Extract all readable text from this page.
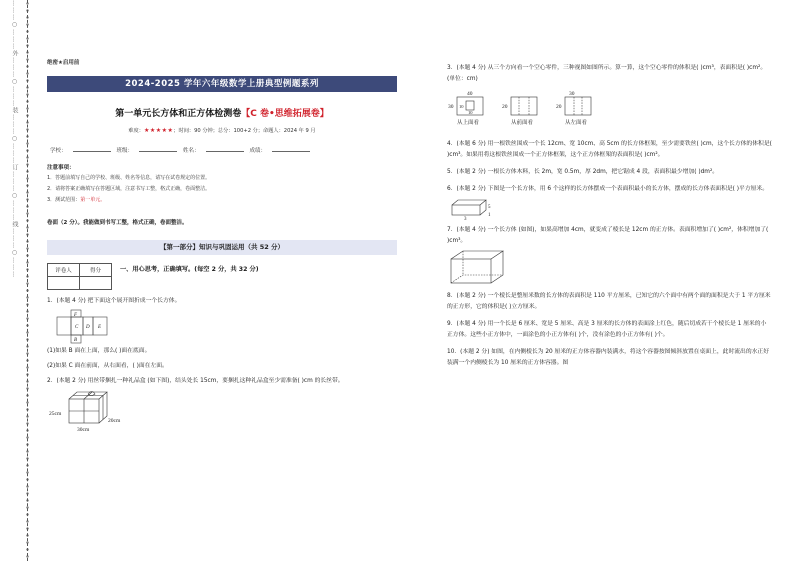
………○………外………○………装………○………订………○………线………○………	绝密★启用前
2024-2025 学年六年级数学上册典型例题系列
第一单元长方体和正方体检测卷【C 卷•思维拓展卷】
难度：★★★★★；时间：90 分钟；总分：100+2 分；命题人：2024 年 9 月
学校：	班级：	姓名：	成绩：
注意事项：
1．答题前填写自己的学校、班级、姓名等信息，请写在试卷规定的位置。
2．请将答案正确填写在答题区域，注意书写工整，格式正确，卷面整洁。
3．测试范围：第一单元。
卷面（2 分）。我能做到书写工整，格式正确，卷面整洁。
【第一部分】知识与巩固运用（共 52 分）
评卷人	得分
		一、用心思考，正确填写。(每空 2 分，共 32 分)
1．(本题 4 分) 把下面这个展开图折成一个长方体。
F
C D E
B
(1)如果 B 面在上面，那么( )面在底面。
(2)如果 C 面在前面，从右面看，( )面在左面。
2．(本题 2 分) 用丝带捆扎一种礼品盒 (如下图)，结头处长 15cm，要捆扎这种礼品盒至少需准备( )cm 的长丝带。
25cm
20cm
30cm
3．(本题 4 分) 从三个方向看一个空心零件，三种视图如图所示。算一算，这个空心零件的体积是( )cm³，表面积是( )cm²。(单位：cm)
40
30 10
10
20
30
20
从上面看	从前面看	从左面看
4．(本题 6 分) 用一根铁丝围成一个长 12cm、宽 10cm、高 5cm 的长方体框架，至少需要铁丝( )cm，这个长方体的体积是( )cm³。如果用将这根铁丝围成一个正方体框架，这个正方体框架的表面积是( )cm²。
5．(本题 2 分) 一根长方体木料，长 2m，宽 0.5m，厚 2dm，把它锯成 4 段，表面积最少增加( )dm²。
6．(本题 2 分) 下图是一个长方体，用 6 个这样的长方体摆成一个表面积最小的长方体，摆成的长方体表面积是( )平方厘米。
3
5
1
7．(本题 4 分) 一个长方体 (如图)，如果高增加 4cm，就变成了棱长是 12cm 的正方体。表面积增加了( )cm²，体积增加了( )cm³。
8．(本题 2 分) 一个棱长是整厘米数的长方体的表面积是 110 平方厘米，已知它的六个面中有两个面的面积是大于 1 平方厘米的正方形，它的体积是( )立方厘米。
9．(本题 4 分) 用一个长是 6 厘米、宽是 5 厘米、高是 3 厘米的长方体的表面涂上红色，随后切成若干个棱长是 1 厘米的小正方体。这些小正方体中，一面涂色的小正方体有( )个，没有涂色的小正方体有( )个。
10．(本题 2 分) 如图，在内侧棱长为 20 厘米的正方体容器内装满水，将这个容器按图倾斜放置在桌面上，此时流出的水正好装满一个内侧棱长为 10 厘米的正方体容器。图
